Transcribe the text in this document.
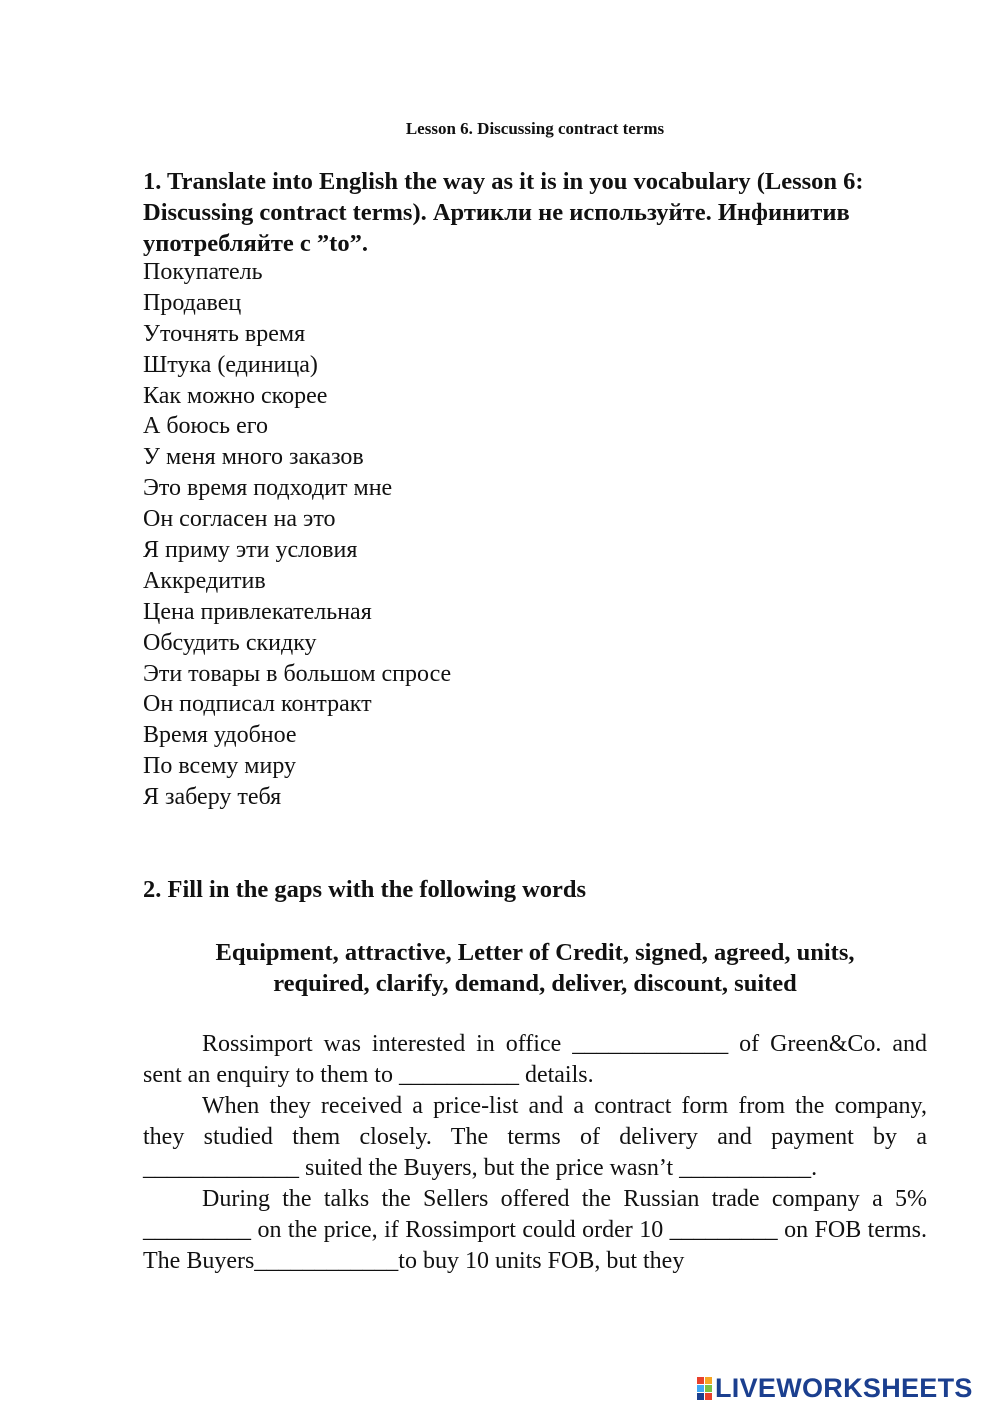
Lesson 6. Discussing contract terms
1. Translate into English the way as it is in you vocabulary (Lesson 6: Discussing contract terms). Артикли не используйте. Инфинитив употребляйте с ”to”.
Покупатель
Продавец
Уточнять время
Штука (единица)
Как можно скорее
А боюсь его
У меня много заказов
Это время подходит мне
Он согласен на это
Я приму эти условия
Аккредитив
Цена привлекательная
Обсудить скидку
Эти товары в большом спросе
Он подписал контракт
Время удобное
По всему миру
Я заберу тебя
2. Fill in the gaps with the following words
Equipment, attractive, Letter of Credit, signed, agreed, units,
required, clarify, demand, deliver, discount, suited

Rossimport was interested in office _____________ of Green&Co. and sent an enquiry to them to __________ details.

When they received a price-list and a contract form from the company, they studied them closely. The terms of delivery and payment by a _____________ suited the Buyers, but the price wasn’t ___________.

During the talks the Sellers offered the Russian trade company a 5% _________ on the price, if Rossimport could order 10 _________ on FOB terms. The Buyers____________to buy 10 units FOB, but they

LIVEWORKSHEETS
